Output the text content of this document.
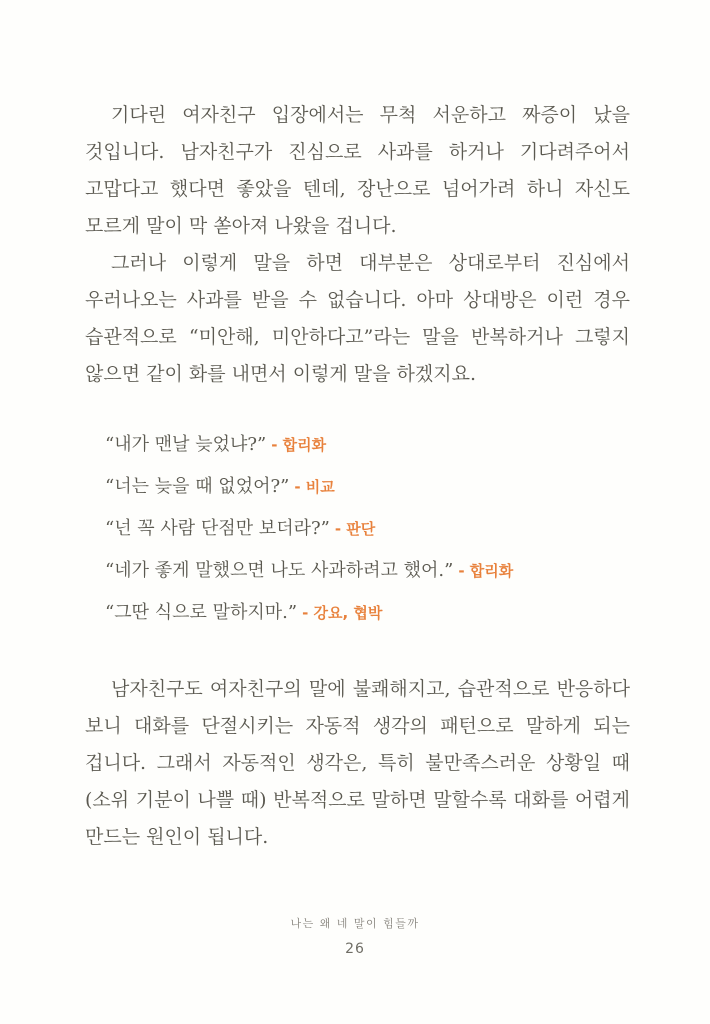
기다린 여자친구 입장에서는 무척 서운하고 짜증이 났을 것입니다. 남자친구가 진심으로 사과를 하거나 기다려주어서 고맙다고 했다면 좋았을 텐데, 장난으로 넘어가려 하니 자신도 모르게 말이 막 쏟아져 나왔을 겁니다.

그러나 이렇게 말을 하면 대부분은 상대로부터 진심에서 우러나오는 사과를 받을 수 없습니다. 아마 상대방은 이런 경우 습관적으로 “미안해, 미안하다고”라는 말을 반복하거나 그렇지 않으면 같이 화를 내면서 이렇게 말을 하겠지요.

“내가 맨날 늦었냐?” - 합리화
“너는 늦을 때 없었어?” - 비교
“넌 꼭 사람 단점만 보더라?” - 판단
“네가 좋게 말했으면 나도 사과하려고 했어.” - 합리화
“그딴 식으로 말하지마.” - 강요, 협박

남자친구도 여자친구의 말에 불쾌해지고, 습관적으로 반응하다 보니 대화를 단절시키는 자동적 생각의 패턴으로 말하게 되는 겁니다. 그래서 자동적인 생각은, 특히 불만족스러운 상황일 때(소위 기분이 나쁠 때) 반복적으로 말하면 말할수록 대화를 어렵게 만드는 원인이 됩니다.

나는 왜 네 말이 힘들까
26
